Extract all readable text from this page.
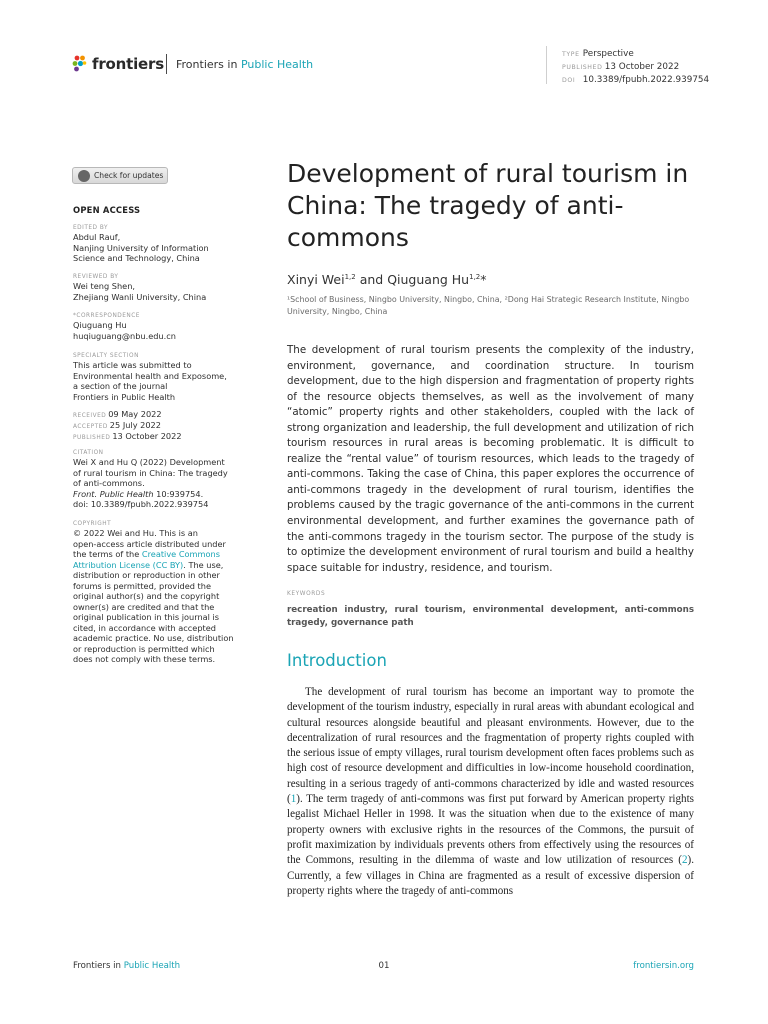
frontiers Frontiers in Public Health
TYPE Perspective
PUBLISHED 13 October 2022
DOI 10.3389/fpubh.2022.939754
Check for updates
OPEN ACCESS
EDITED BY

Abdul Rauf,

Nanjing University of Information

Science and Technology, China

REVIEWED BY

Wei teng Shen,

Zhejiang Wanli University, China

*CORRESPONDENCE

Qiuguang Hu

huqiuguang@nbu.edu.cn

SPECIALTY SECTION

This article was submitted to

Environmental health and Exposome,

a section of the journal

Frontiers in Public Health

RECEIVED 09 May 2022

ACCEPTED 25 July 2022

PUBLISHED 13 October 2022

CITATION

Wei X and Hu Q (2022) Development

of rural tourism in China: The tragedy

of anti-commons.

Front. Public Health 10:939754.

doi: 10.3389/fpubh.2022.939754

COPYRIGHT

© 2022 Wei and Hu. This is an

open-access article distributed under

the terms of the Creative Commons

Attribution License (CC BY). The use,

distribution or reproduction in other

forums is permitted, provided the

original author(s) and the copyright

owner(s) are credited and that the

original publication in this journal is

cited, in accordance with accepted

academic practice. No use, distribution

or reproduction is permitted which

does not comply with these terms.

Development of rural tourism in China: The tragedy of anti-commons
Xinyi Wei$^{1,2}$ and Qiuguang Hu$^{1,2}$*
¹School of Business, Ningbo University, Ningbo, China, ²Dong Hai Strategic Research Institute, Ningbo University, Ningbo, China

The development of rural tourism presents the complexity of the industry, environment, governance, and coordination structure. In tourism development, due to the high dispersion and fragmentation of property rights of the resource objects themselves, as well as the involvement of many “atomic” property rights and other stakeholders, coupled with the lack of strong organization and leadership, the full development and utilization of rich tourism resources in rural areas is becoming problematic. It is difficult to realize the “rental value” of tourism resources, which leads to the tragedy of anti-commons. Taking the case of China, this paper explores the occurrence of anti-commons tragedy in the development of rural tourism, identifies the problems caused by the tragic governance of the anti-commons in the current environmental development, and further examines the governance path of the anti-commons tragedy in the tourism sector. The purpose of the study is to optimize the development environment of rural tourism and build a healthy space suitable for industry, residence, and tourism.

KEYWORDS

recreation industry, rural tourism, environmental development, anti-commons tragedy, governance path

Introduction

The development of rural tourism has become an important way to promote the development of the tourism industry, especially in rural areas with abundant ecological and cultural resources alongside beautiful and pleasant environments. However, due to the decentralization of rural resources and the fragmentation of property rights coupled with the serious issue of empty villages, rural tourism development often faces problems such as high cost of resource development and difficulties in low-income household coordination, resulting in a serious tragedy of anti-commons characterized by idle and wasted resources (1). The term tragedy of anti-commons was first put forward by American property rights legalist Michael Heller in 1998. It was the situation when due to the existence of many property owners with exclusive rights in the resources of the Commons, the pursuit of profit maximization by individuals prevents others from effectively using the resources of the Commons, resulting in the dilemma of waste and low utilization of resources (2). Currently, a few villages in China are fragmented as a result of excessive dispersion of property rights where the tragedy of anti-commons

Frontiers in Public Health	01	frontiersin.org
